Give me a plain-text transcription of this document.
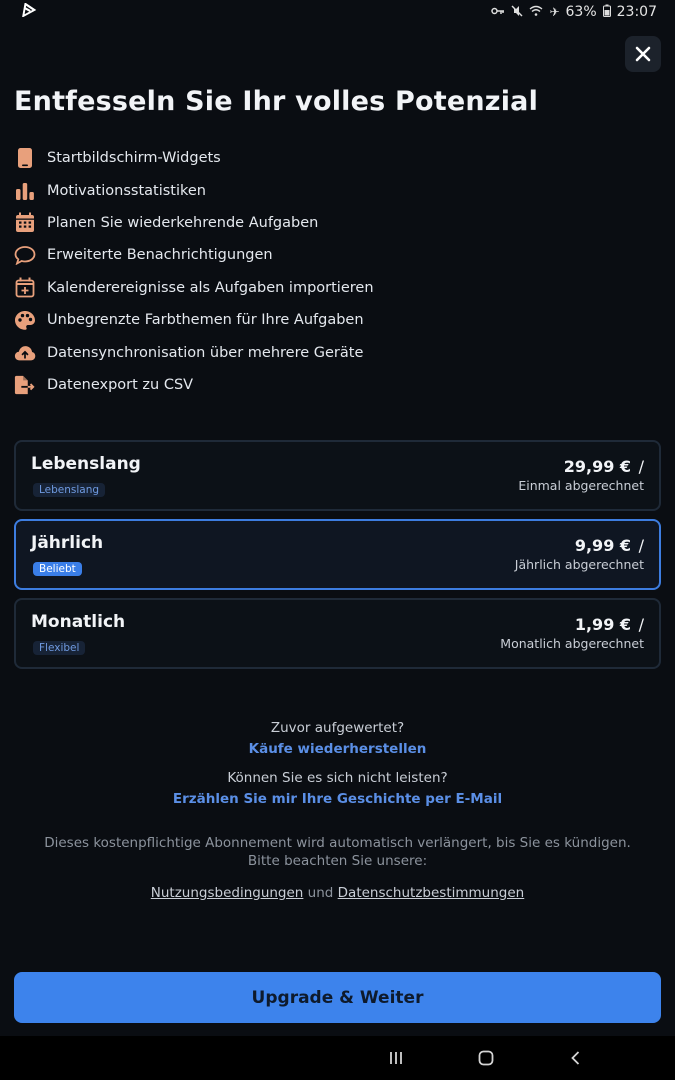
✈ 63% 23:07
Entfesseln Sie Ihr volles Potenzial
Startbildschirm-Widgets
Motivationsstatistiken
Planen Sie wiederkehrende Aufgaben
Erweiterte Benachrichtigungen
Kalenderereignisse als Aufgaben importieren
Unbegrenzte Farbthemen für Ihre Aufgaben
Datensynchronisation über mehrere Geräte
Datenexport zu CSV
Lebenslang
Lebenslang
29,99 € /
Einmal abgerechnet
Jährlich
Beliebt
9,99 € /
Jährlich abgerechnet
Monatlich
Flexibel
1,99 € /
Monatlich abgerechnet
Zuvor aufgewertet?
Käufe wiederherstellen
Können Sie es sich nicht leisten?
Erzählen Sie mir Ihre Geschichte per E-Mail
Dieses kostenpflichtige Abonnement wird automatisch verlängert, bis Sie es kündigen. Bitte beachten Sie unsere:
Nutzungsbedingungen und Datenschutzbestimmungen
Upgrade & Weiter
